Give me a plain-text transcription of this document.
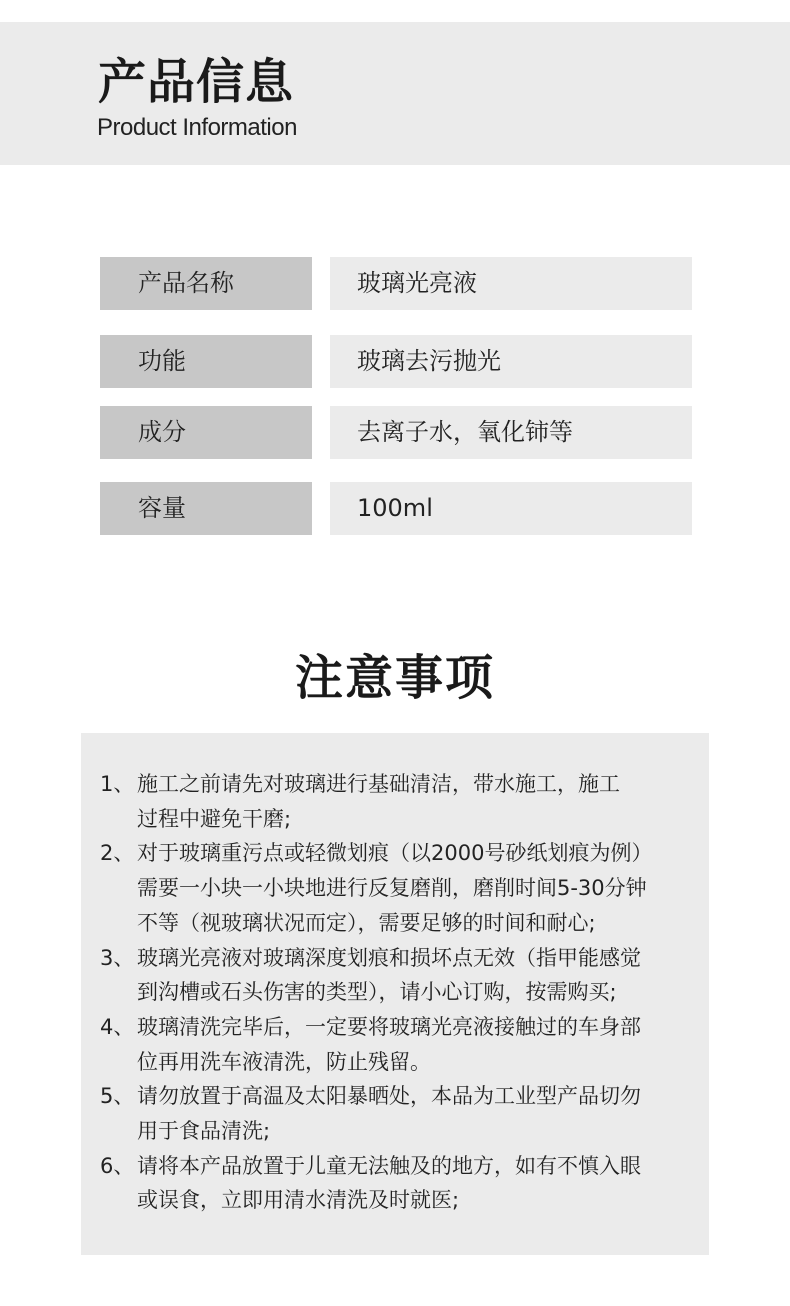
产品信息
Product Information
产品名称	玻璃光亮液
功能	玻璃去污抛光
成分	去离子水，氧化铈等
容量	100ml
注意事项
1、 施工之前请先对玻璃进行基础清洁，带水施工，施工
过程中避免干磨;
2、 对于玻璃重污点或轻微划痕（以2000号砂纸划痕为例）
需要一小块一小块地进行反复磨削，磨削时间5-30分钟
不等（视玻璃状况而定），需要足够的时间和耐心;
3、 玻璃光亮液对玻璃深度划痕和损坏点无效（指甲能感觉
到沟槽或石头伤害的类型），请小心订购，按需购买;
4、 玻璃清洗完毕后，一定要将玻璃光亮液接触过的车身部
位再用洗车液清洗，防止残留。
5、 请勿放置于高温及太阳暴晒处，本品为工业型产品切勿
用于食品清洗;
6、 请将本产品放置于儿童无法触及的地方，如有不慎入眼
或误食，立即用清水清洗及时就医;
